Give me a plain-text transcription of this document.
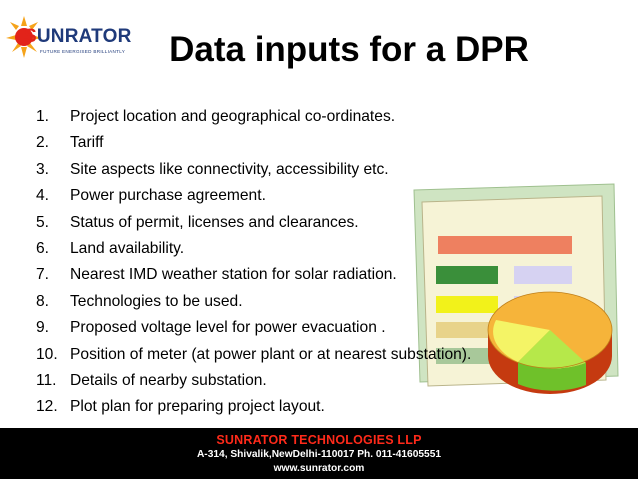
SUNRATOR
FUTURE ENERGISED BRILLIANTLY	Data inputs for a DPR
1. Project location and geographical co-ordinates.
2. Tariff
3. Site aspects like connectivity, accessibility etc.
4. Power purchase agreement.
5. Status of permit, licenses and clearances.
6. Land availability.
7. Nearest IMD weather station for solar radiation.
8. Technologies to be used.
9. Proposed voltage level for power evacuation .
10. Position of meter (at power plant or at nearest substation).
11. Details of nearby substation.
12. Plot plan for preparing project layout.
SUNRATOR TECHNOLOGIES LLP
A-314, Shivalik,NewDelhi-110017 Ph. 011-41605551
www.sunrator.com
